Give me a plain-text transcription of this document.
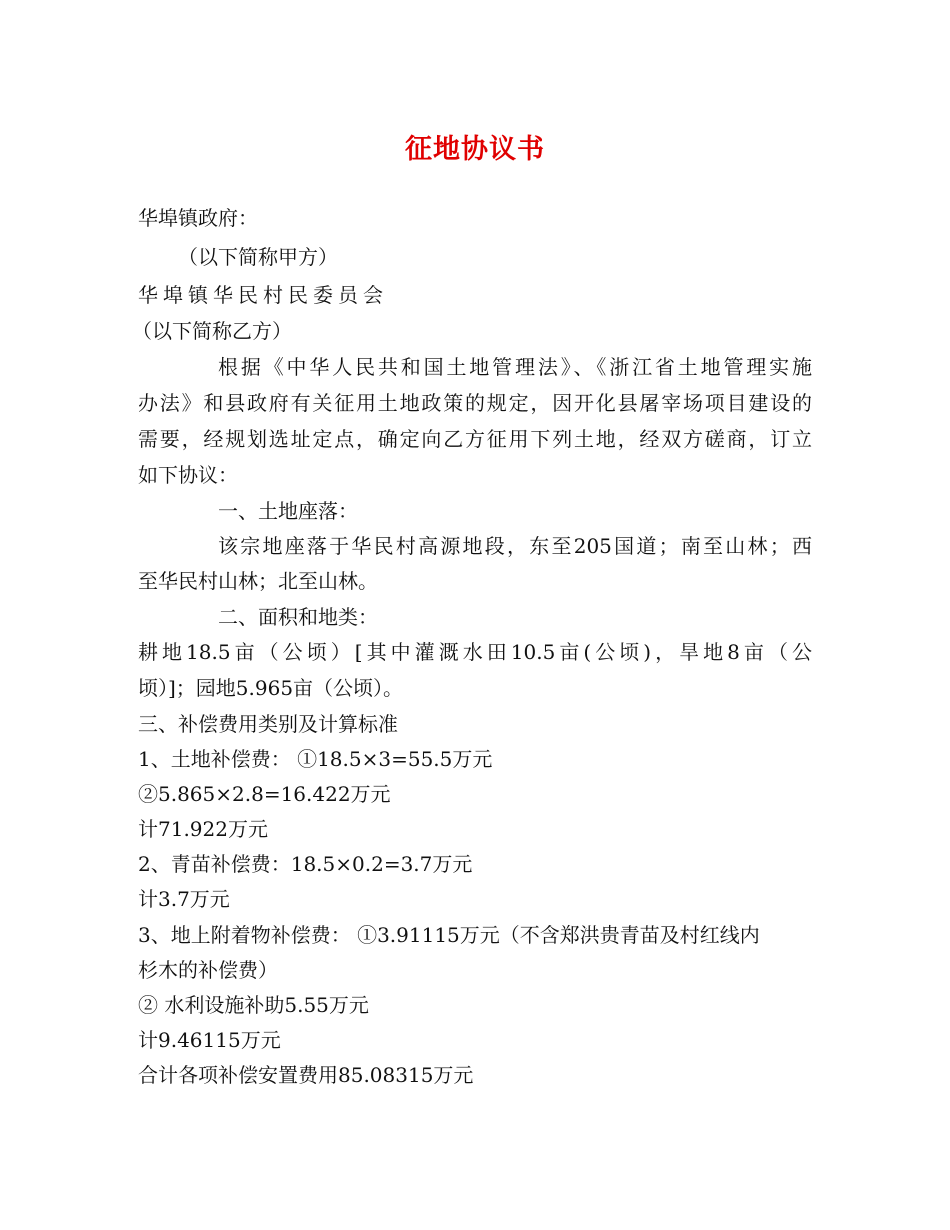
征地协议书
华埠镇政府：
（以下简称甲方）
华埠镇华民村民委员会
（以下简称乙方）
根据《中华人民共和国土地管理法》、《浙江省土地管理实施
办法》和县政府有关征用土地政策的规定，因开化县屠宰场项目建设的
需要，经规划选址定点，确定向乙方征用下列土地，经双方磋商，订立
如下协议：
一、土地座落：
该宗地座落于华民村高源地段，东至205国道；南至山林；西
至华民村山林；北至山林。
二、面积和地类：
耕地18.5亩（公顷）[其中灌溉水田10.5亩(公顷)，旱地8亩（公
顷）]；园地5.965亩（公顷）。
三、补偿费用类别及计算标准
1、土地补偿费： ①18.5×3=55.5万元
②5.865×2.8=16.422万元
计71.922万元
2、青苗补偿费：18.5×0.2=3.7万元
计3.7万元
3、地上附着物补偿费： ①3.91115万元（不含郑洪贵青苗及村红线内
杉木的补偿费）
② 水利设施补助5.55万元
计9.46115万元
合计各项补偿安置费用85.08315万元
